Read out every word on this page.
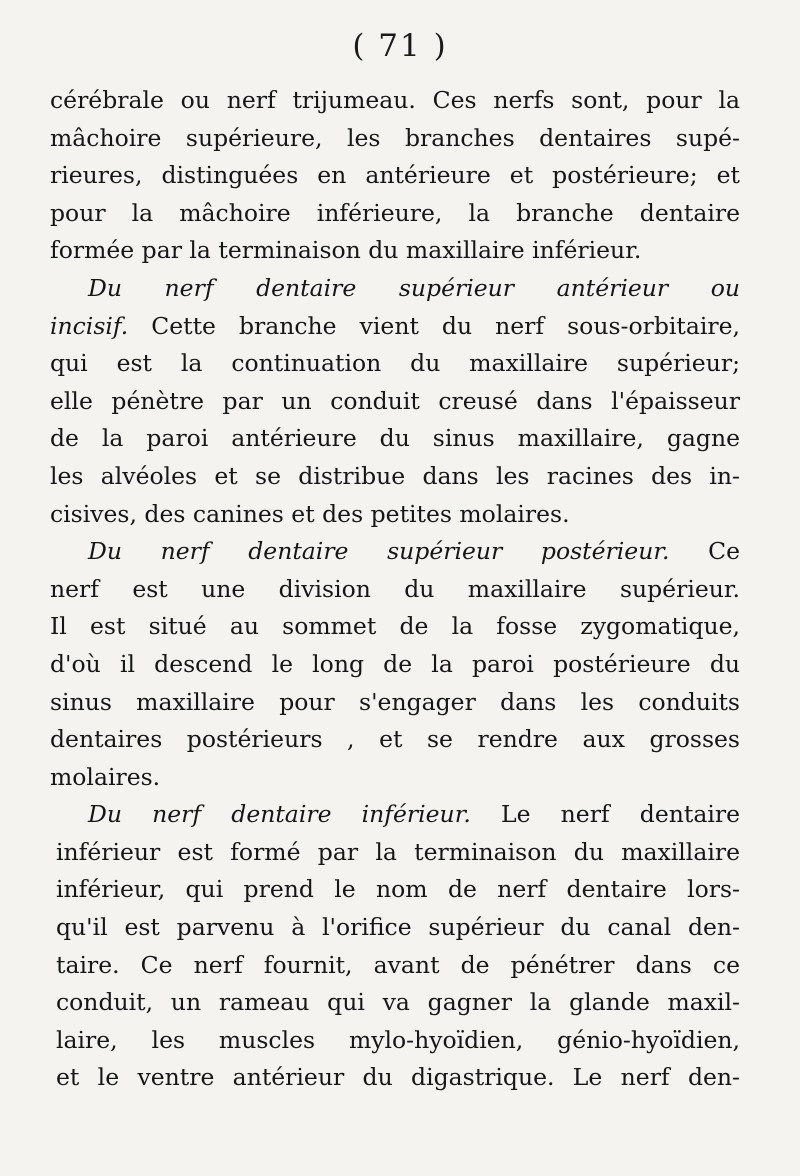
( 71 )
cérébrale ou nerf trijumeau. Ces nerfs sont, pour la
mâchoire supérieure, les branches dentaires supé-
rieures, distinguées en antérieure et postérieure; et
pour la mâchoire inférieure, la branche dentaire
formée par la terminaison du maxillaire inférieur.
Du nerf dentaire supérieur antérieur ou
incisif. Cette branche vient du nerf sous-orbitaire,
qui est la continuation du maxillaire supérieur;
elle pénètre par un conduit creusé dans l'épaisseur
de la paroi antérieure du sinus maxillaire, gagne
les alvéoles et se distribue dans les racines des in-
cisives, des canines et des petites molaires.
Du nerf dentaire supérieur postérieur. Ce
nerf est une division du maxillaire supérieur.
Il est situé au sommet de la fosse zygomatique,
d'où il descend le long de la paroi postérieure du
sinus maxillaire pour s'engager dans les conduits
dentaires postérieurs , et se rendre aux grosses
molaires.
Du nerf dentaire inférieur. Le nerf dentaire
inférieur est formé par la terminaison du maxillaire
inférieur, qui prend le nom de nerf dentaire lors-
qu'il est parvenu à l'orifice supérieur du canal den-
taire. Ce nerf fournit, avant de pénétrer dans ce
conduit, un rameau qui va gagner la glande maxil-
laire, les muscles mylo-hyoïdien, génio-hyoïdien,
et le ventre antérieur du digastrique. Le nerf den-
